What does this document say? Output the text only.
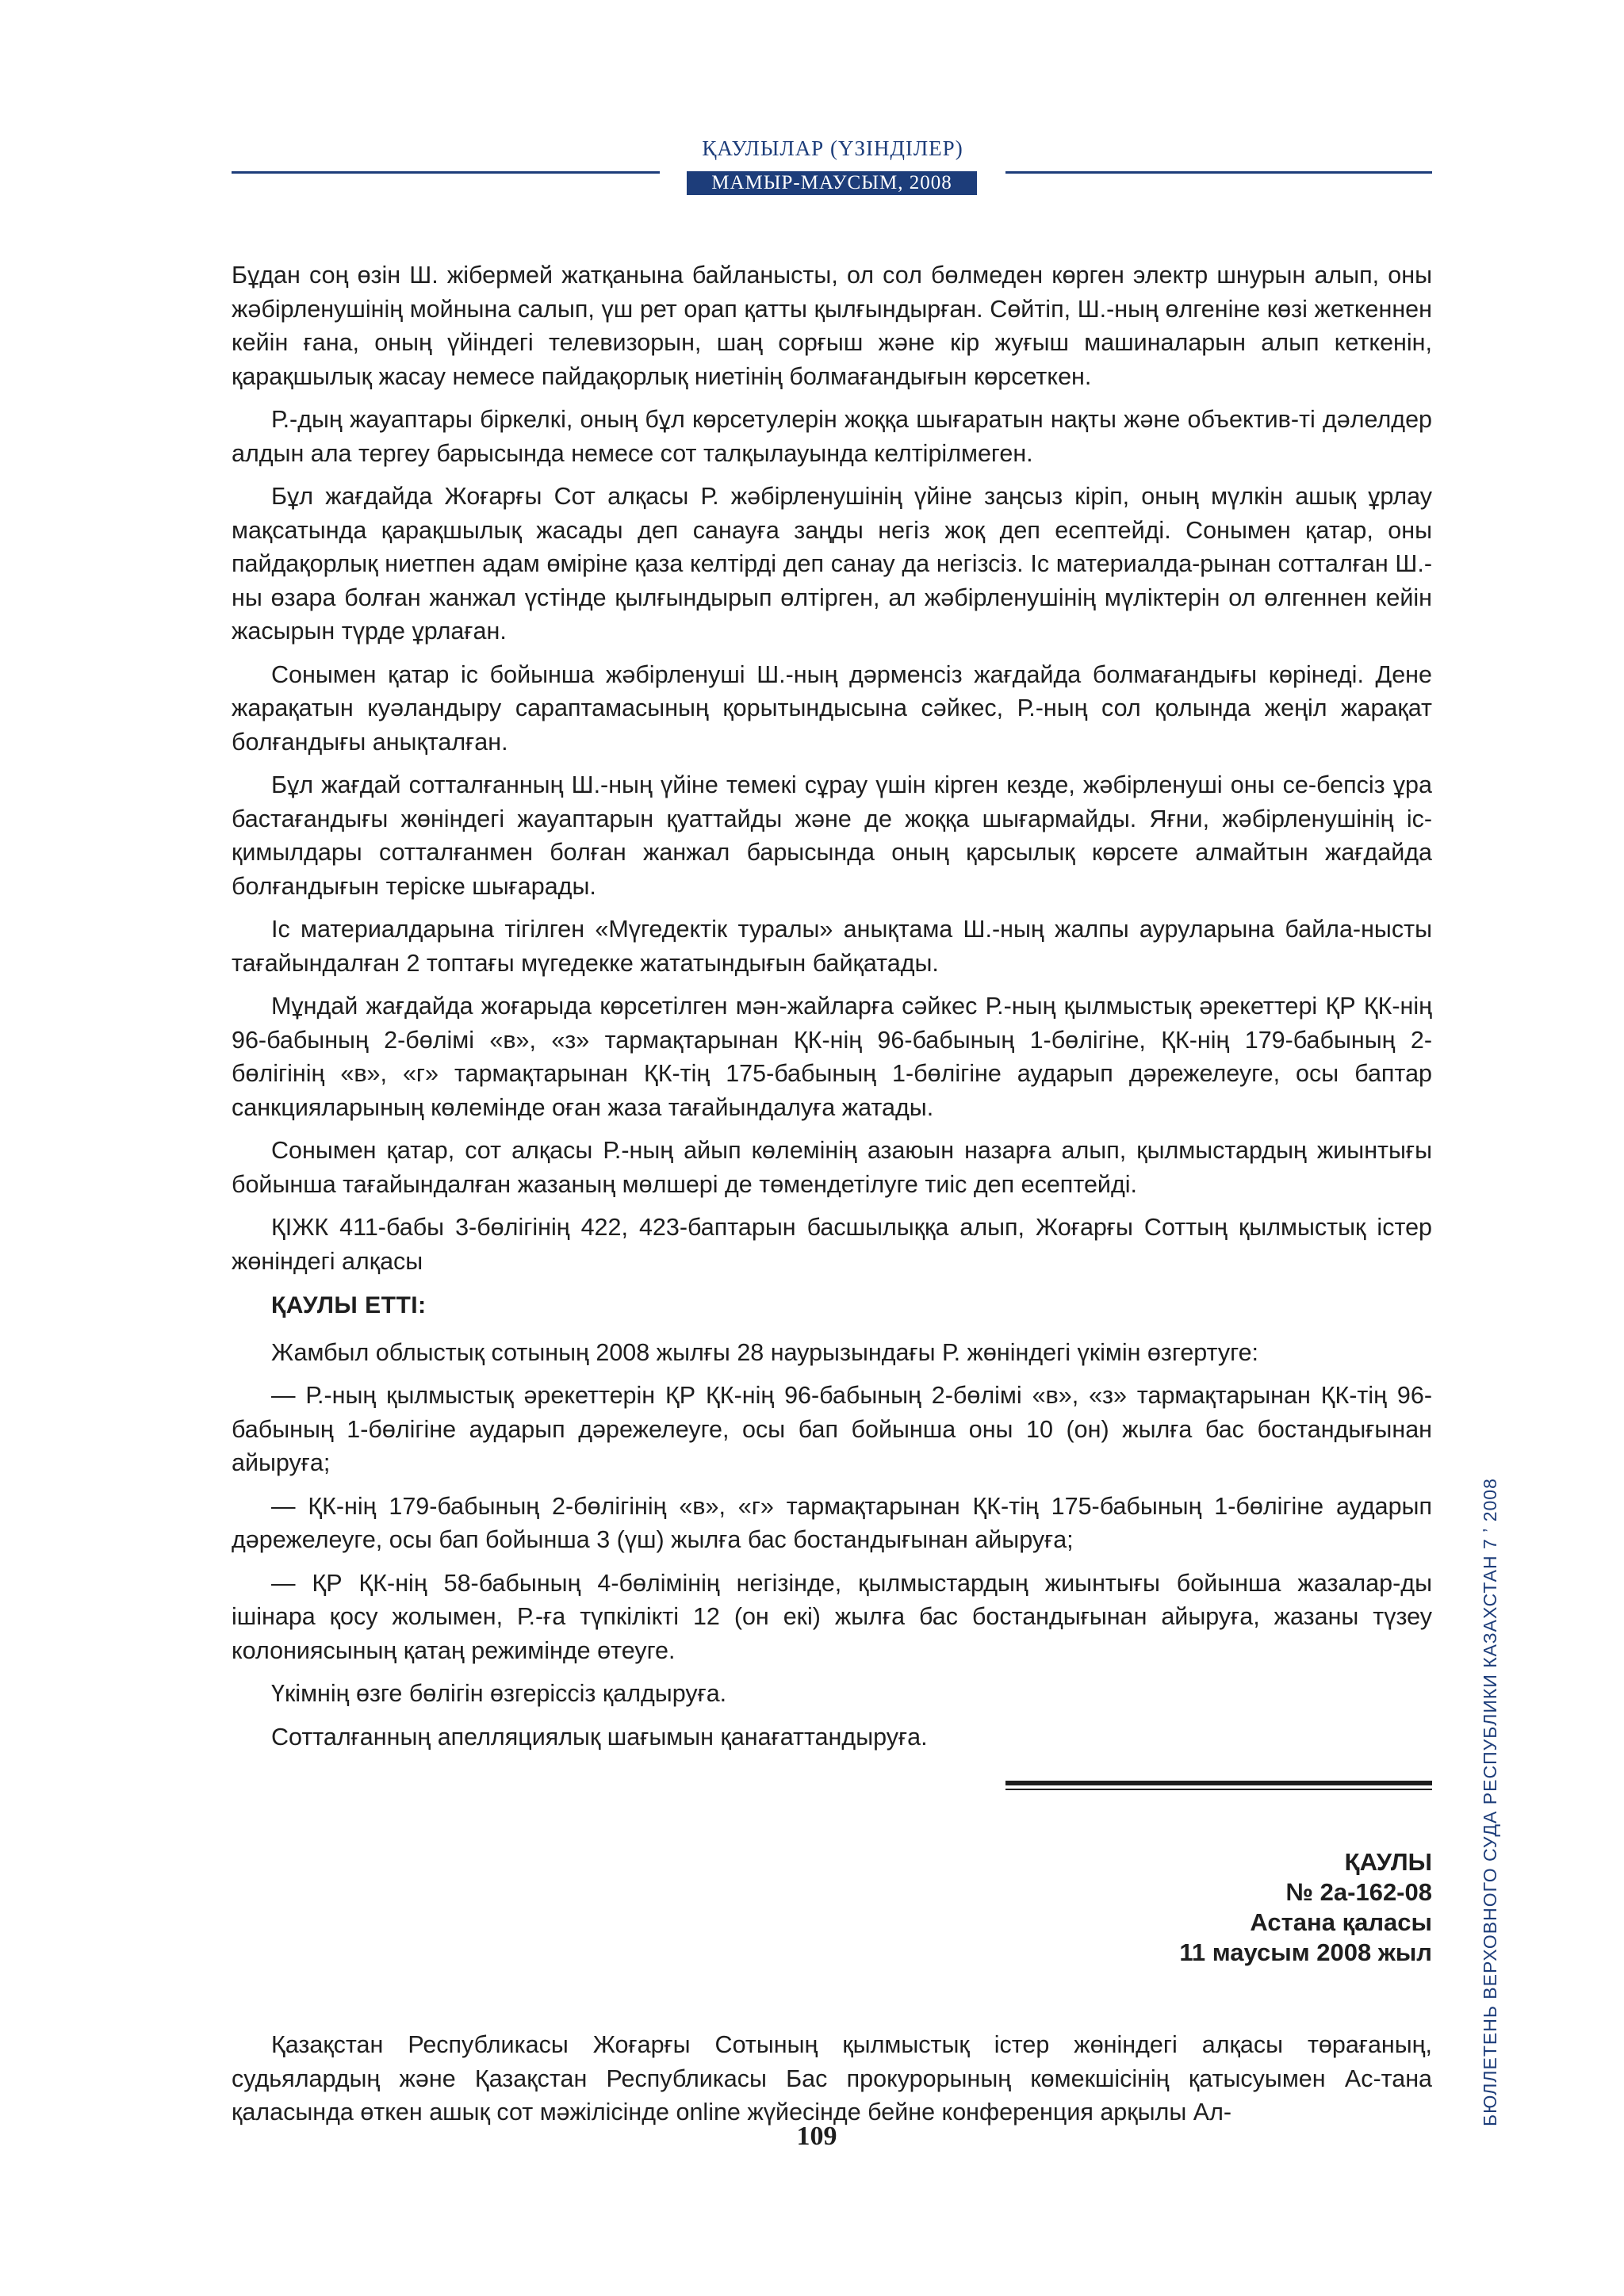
ҚАУЛЫЛАР (ҮЗІНДІЛЕР)
МАМЫР-МАУСЫМ, 2008

Бұдан соң өзін Ш. жібермей жатқанына байланысты, ол сол бөлмеден көрген электр шнурын алып, оны жәбірленушінің мойнына салып, үш рет орап қатты қылғындырған. Сөйтіп, Ш.-ның өлгеніне көзі жеткеннен кейін ғана, оның үйіндегі телевизорын, шаң сорғыш және кір жуғыш машиналарын алып кеткенін, қарақшылық жасау немесе пайдақорлық ниетінің болмағандығын көрсеткен.

Р.-дың жауаптары біркелкі, оның бұл көрсетулерін жоққа шығаратын нақты және объектив-ті дәлелдер алдын ала тергеу барысында немесе сот талқылауында келтірілмеген.

Бұл жағдайда Жоғарғы Сот алқасы Р. жәбірленушінің үйіне заңсыз кіріп, оның мүлкін ашық ұрлау мақсатында қарақшылық жасады деп санауға заңды негіз жоқ деп есептейді. Сонымен қатар, оны пайдақорлық ниетпен адам өміріне қаза келтірді деп санау да негізсіз. Іс материалда-рынан сотталған Ш.-ны өзара болған жанжал үстінде қылғындырып өлтірген, ал жәбірленушінің мүліктерін ол өлгеннен кейін жасырын түрде ұрлаған.

Сонымен қатар іс бойынша жәбірленуші Ш.-ның дәрменсіз жағдайда болмағандығы көрінеді. Дене жарақатын куәландыру сараптамасының қорытындысына сәйкес, Р.-ның сол қолында жеңіл жарақат болғандығы анықталған.

Бұл жағдай сотталғанның Ш.-ның үйіне темекі сұрау үшін кірген кезде, жәбірленуші оны се-бепсіз ұра бастағандығы жөніндегі жауаптарын қуаттайды және де жоққа шығармайды. Яғни, жәбірленушінің іс-қимылдары сотталғанмен болған жанжал барысында оның қарсылық көрсете алмайтын жағдайда болғандығын теріске шығарады.

Іс материалдарына тігілген «Мүгедектік туралы» анықтама Ш.-ның жалпы ауруларына байла-нысты тағайындалған 2 топтағы мүгедекке жататындығын байқатады.

Мұндай жағдайда жоғарыда көрсетілген мән-жайларға сәйкес Р.-ның қылмыстық әрекеттері ҚР ҚК-нің 96-бабының 2-бөлімі «в», «з» тармақтарынан ҚК-нің 96-бабының 1-бөлігіне, ҚК-нің 179-бабының 2-бөлігінің «в», «г» тармақтарынан ҚК-тің 175-бабының 1-бөлігіне аударып дәрежелеуге, осы баптар санкцияларының көлемінде оған жаза тағайындалуға жатады.

Сонымен қатар, сот алқасы Р.-ның айып көлемінің азаюын назарға алып, қылмыстардың жиынтығы бойынша тағайындалған жазаның мөлшері де төмендетілуге тиіс деп есептейді.

ҚІЖК 411-бабы 3-бөлігінің 422, 423-баптарын басшылыққа алып, Жоғарғы Соттың қылмыстық істер жөніндегі алқасы

ҚАУЛЫ ЕТТІ:

Жамбыл облыстық сотының 2008 жылғы 28 наурызындағы Р. жөніндегі үкімін өзгертуге:

— Р.-ның қылмыстық әрекеттерін ҚР ҚК-нің 96-бабының 2-бөлімі «в», «з» тармақтарынан ҚК-тің 96-бабының 1-бөлігіне аударып дәрежелеуге, осы бап бойынша оны 10 (он) жылға бас бостандығынан айыруға;

— ҚК-нің 179-бабының 2-бөлігінің «в», «г» тармақтарынан ҚК-тің 175-бабының 1-бөлігіне аударып дәрежелеуге, осы бап бойынша 3 (үш) жылға бас бостандығынан айыруға;

— ҚР ҚК-нің 58-бабының 4-бөлімінің негізінде, қылмыстардың жиынтығы бойынша жазалар-ды ішінара қосу жолымен, Р.-ға түпкілікті 12 (он екі) жылға бас бостандығынан айыруға, жазаны түзеу колониясының қатаң режимінде өтеуге.

Үкімнің өзге бөлігін өзгеріссіз қалдыруға.

Сотталғанның апелляциялық шағымын қанағаттандыруға.

ҚАУЛЫ
№ 2а-162-08
Астана қаласы
11 маусым 2008 жыл

Қазақстан Республикасы Жоғарғы Сотының қылмыстық істер жөніндегі алқасы төрағаның, судьялардың және Қазақстан Республикасы Бас прокурорының көмекшісінің қатысуымен Ас-тана қаласында өткен ашық сот мәжілісінде online жүйесінде бейне конференция арқылы Ал-

109
БЮЛЛЕТЕНЬ ВЕРХОВНОГО СУДА РЕСПУБЛИКИ КАЗАХСТАН 7 ʼ 2008
